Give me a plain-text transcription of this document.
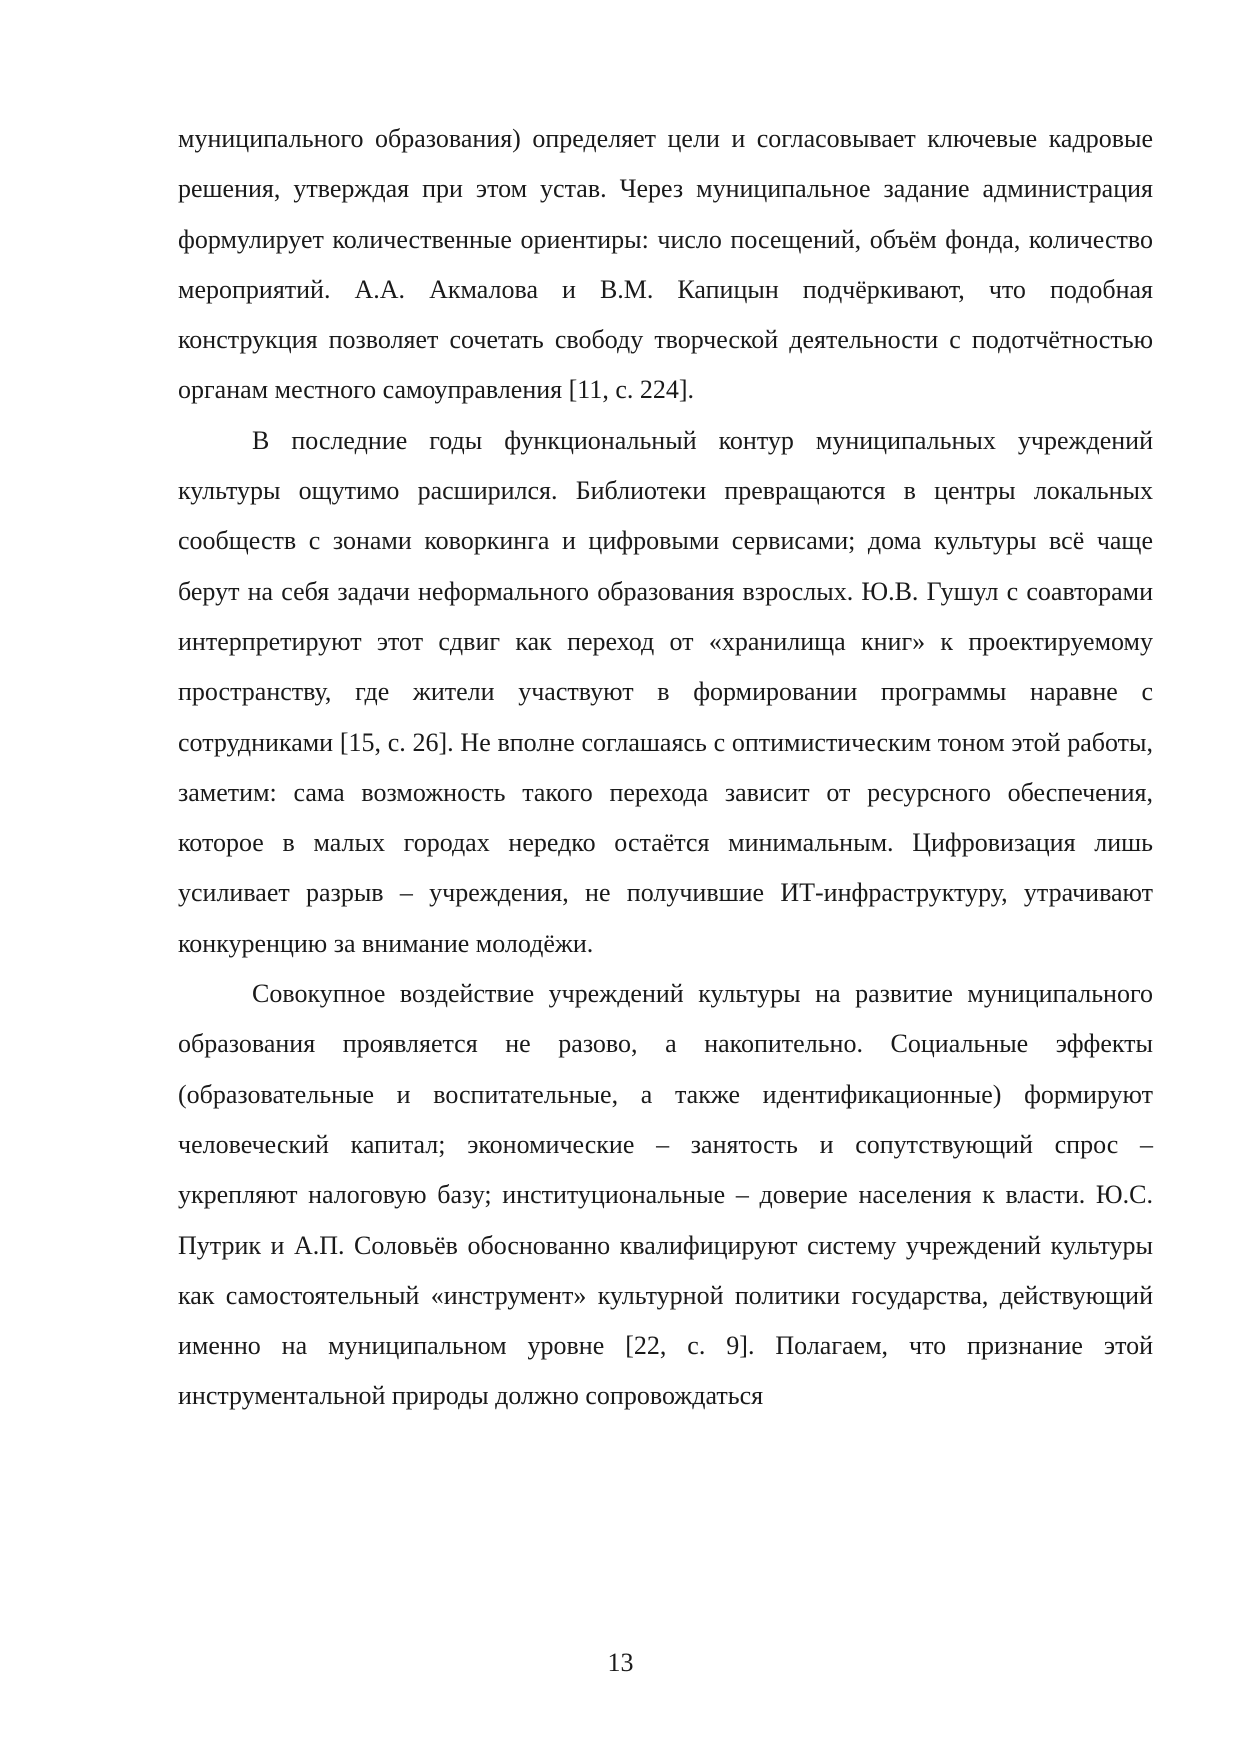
муниципального образования) определяет цели и согласовывает ключевые кадровые решения, утверждая при этом устав. Через муниципальное задание администрация формулирует количественные ориентиры: число посещений, объём фонда, количество мероприятий. А.А. Акмалова и В.М. Капицын подчёркивают, что подобная конструкция позволяет сочетать свободу творческой деятельности с подотчётностью органам местного самоуправления [11, с. 224].

В последние годы функциональный контур муниципальных учреждений культуры ощутимо расширился. Библиотеки превращаются в центры локальных сообществ с зонами коворкинга и цифровыми сервисами; дома культуры всё чаще берут на себя задачи неформального образования взрослых. Ю.В. Гушул с соавторами интерпретируют этот сдвиг как переход от «хранилища книг» к проектируемому пространству, где жители участвуют в формировании программы наравне с сотрудниками [15, с. 26]. Не вполне соглашаясь с оптимистическим тоном этой работы, заметим: сама возможность такого перехода зависит от ресурсного обеспечения, которое в малых городах нередко остаётся минимальным. Цифровизация лишь усиливает разрыв – учреждения, не получившие ИТ-инфраструктуру, утрачивают конкуренцию за внимание молодёжи.

Совокупное воздействие учреждений культуры на развитие муниципального образования проявляется не разово, а накопительно. Социальные эффекты (образовательные и воспитательные, а также идентификационные) формируют человеческий капитал; экономические – занятость и сопутствующий спрос – укрепляют налоговую базу; институциональные – доверие населения к власти. Ю.С. Путрик и А.П. Соловьёв обоснованно квалифицируют систему учреждений культуры как самостоятельный «инструмент» культурной политики государства, действующий именно на муниципальном уровне [22, с. 9]. Полагаем, что признание этой инструментальной природы должно сопровождаться

13
